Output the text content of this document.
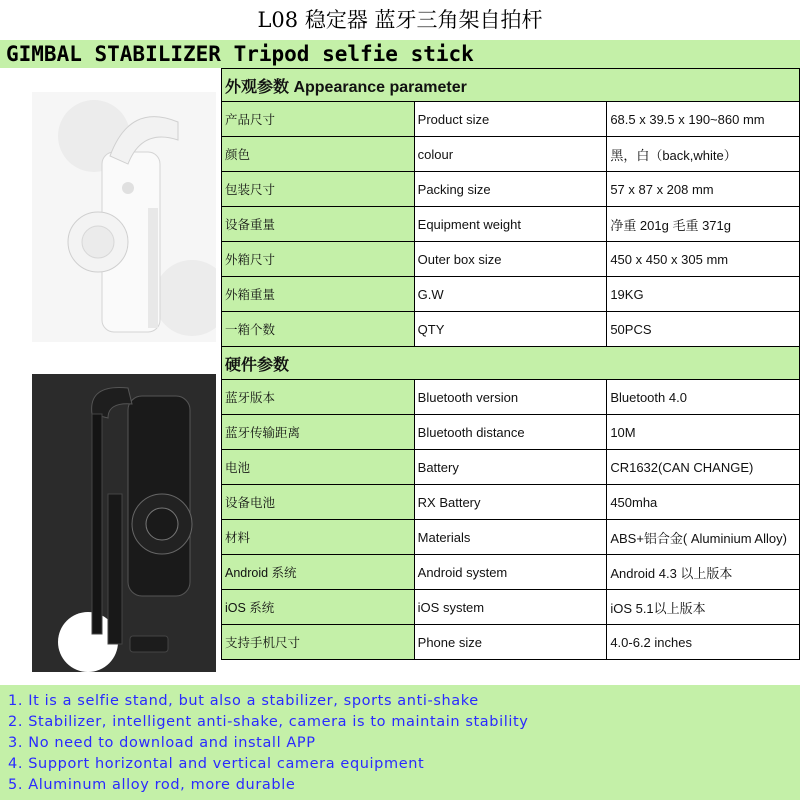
L08 稳定器 蓝牙三角架自拍杆
GIMBAL STABILIZER Tripod selfie stick
外观参数 Appearance parameter		
产品尺寸	Product size	68.5 x 39.5 x 190~860 mm
颜色	colour	黑，白（back,white）
包装尺寸	Packing size	57 x 87 x 208 mm
设备重量	Equipment weight	净重 201g 毛重 371g
外箱尺寸	Outer box size	450 x 450 x 305 mm
外箱重量	G.W	19KG
一箱个数	QTY	50PCS
硬件参数		
蓝牙版本	Bluetooth version	Bluetooth 4.0
蓝牙传输距离	Bluetooth distance	10M
电池	Battery	CR1632(CAN CHANGE)
设备电池	RX Battery	450mha
材料	Materials	ABS+铝合金( Aluminium Alloy)
Android 系统	Android system	Android 4.3 以上版本
iOS 系统	iOS system	iOS 5.1以上版本
支持手机尺寸	Phone size	4.0-6.2 inches
1. It is a selfie stand, but also a stabilizer, sports anti-shake
2. Stabilizer, intelligent anti-shake, camera is to maintain stability
3. No need to download and install APP
4. Support horizontal and vertical camera equipment
5. Aluminum alloy rod, more durable
